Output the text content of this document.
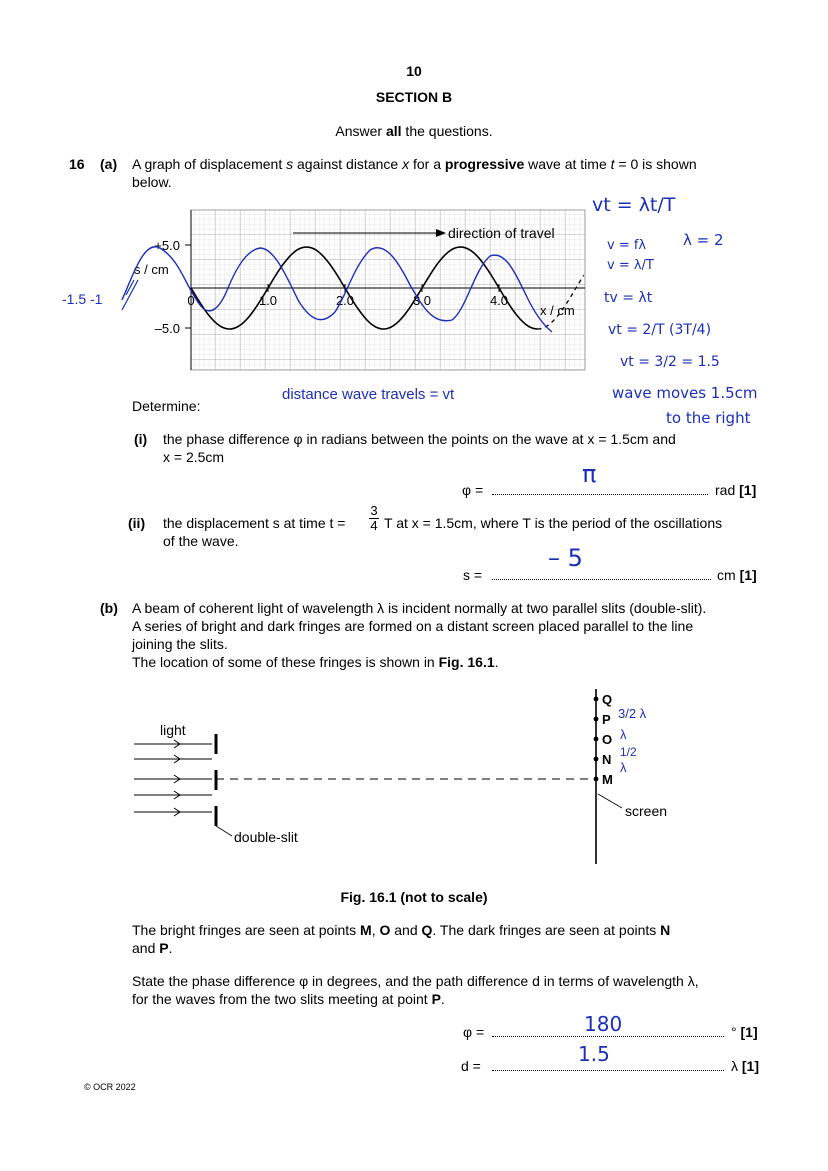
10
SECTION B
Answer all the questions.
16 (a) A graph of displacement s against distance x for a progressive wave at time t = 0 is shown
below.
+5.0
–5.0
s / cm
x / cm
0	1.0	2.0	3.0	4.0
direction of travel
-1.5 -1
vt = λt/T
v = fλ λ = 2
v = λ/T
tv = λt
vt = 2/T (3T/4)
vt = 3/2 = 1.5
wave moves 1.5cm
to the right
distance wave travels = vt
Determine:
(i) the phase difference φ in radians between the points on the wave at x = 1.5cm and
x = 2.5cm
π
φ =	rad [1]
(ii) the displacement s at time t =
3
4 T at x = 1.5cm, where T is the period of the oscillations
of the wave.
– 5
s =	cm [1]
(b) A beam of coherent light of wavelength λ is incident normally at two parallel slits (double-slit).
A series of bright and dark fringes are formed on a distant screen placed parallel to the line
joining the slits.
The location of some of these fringes is shown in Fig. 16.1.
light
double-slit
Q
P
O
N
M
screen
3/2 λ
λ
1/2
λ
Fig. 16.1 (not to scale)
The bright fringes are seen at points M, O and Q. The dark fringes are seen at points N
and P.
State the phase difference φ in degrees, and the path difference d in terms of wavelength λ,
for the waves from the two slits meeting at point P.
180
φ =	° [1]
1.5
d =	λ [1]
© OCR 2022
